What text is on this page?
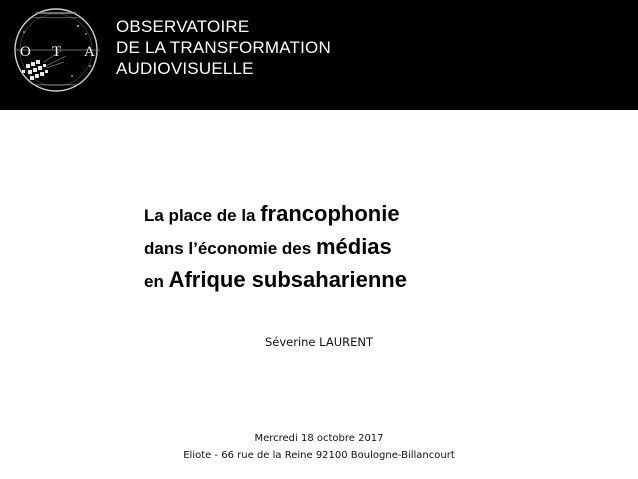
O T A
OBSERVATOIRE
DE LA TRANSFORMATION
AUDIOVISUELLE
La place de la francophonie
dans l’économie des médias
en Afrique subsaharienne
Séverine LAURENT
Mercredi 18 octobre 2017
Eliote - 66 rue de la Reine 92100 Boulogne-Billancourt
